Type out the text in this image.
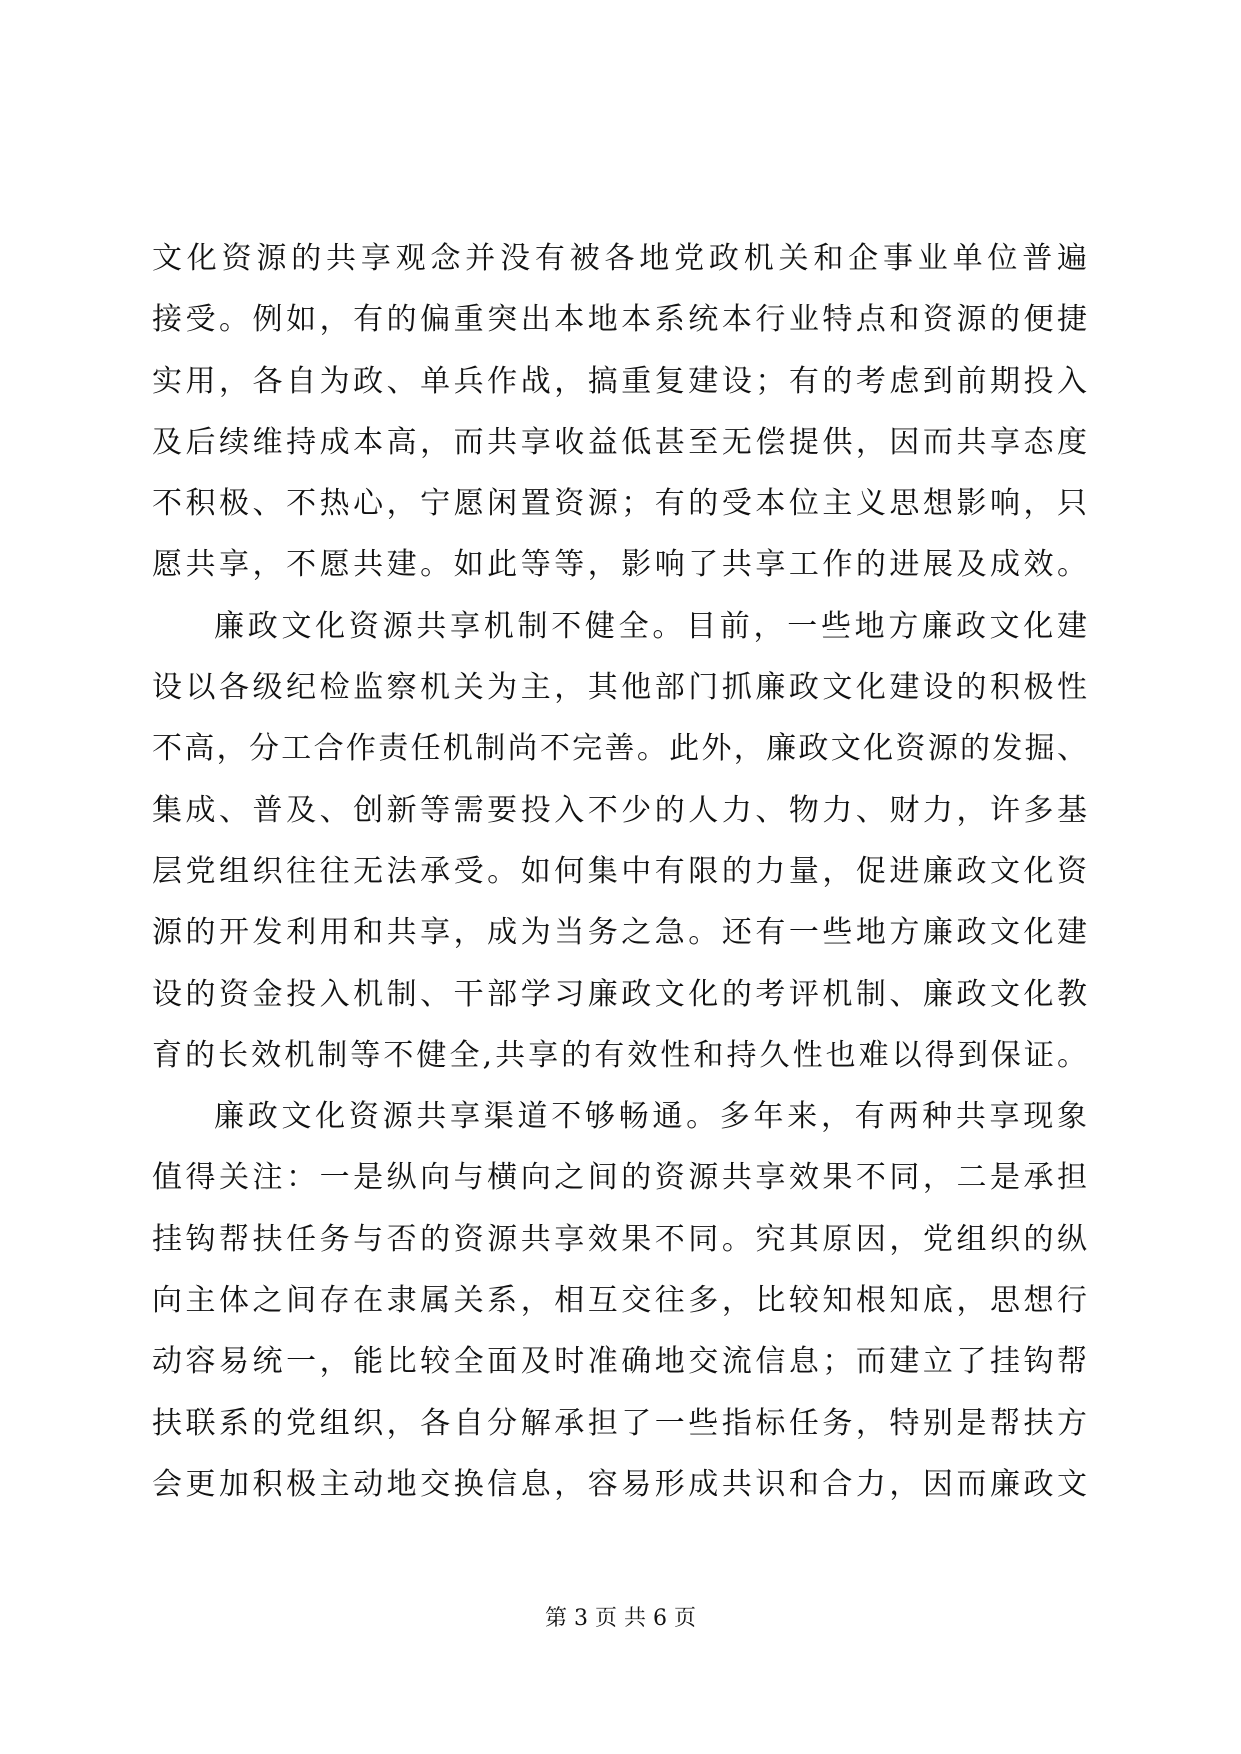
文化资源的共享观念并没有被各地党政机关和企事业单位普遍
接受。例如，有的偏重突出本地本系统本行业特点和资源的便捷
实用，各自为政、单兵作战，搞重复建设；有的考虑到前期投入
及后续维持成本高，而共享收益低甚至无偿提供，因而共享态度
不积极、不热心，宁愿闲置资源；有的受本位主义思想影响，只
愿共享，不愿共建。如此等等，影响了共享工作的进展及成效。
廉政文化资源共享机制不健全。目前，一些地方廉政文化建
设以各级纪检监察机关为主，其他部门抓廉政文化建设的积极性
不高，分工合作责任机制尚不完善。此外，廉政文化资源的发掘、
集成、普及、创新等需要投入不少的人力、物力、财力，许多基
层党组织往往无法承受。如何集中有限的力量，促进廉政文化资
源的开发利用和共享，成为当务之急。还有一些地方廉政文化建
设的资金投入机制、干部学习廉政文化的考评机制、廉政文化教
育的长效机制等不健全,共享的有效性和持久性也难以得到保证。
廉政文化资源共享渠道不够畅通。多年来，有两种共享现象
值得关注：一是纵向与横向之间的资源共享效果不同，二是承担
挂钩帮扶任务与否的资源共享效果不同。究其原因，党组织的纵
向主体之间存在隶属关系，相互交往多，比较知根知底，思想行
动容易统一，能比较全面及时准确地交流信息；而建立了挂钩帮
扶联系的党组织，各自分解承担了一些指标任务，特别是帮扶方
会更加积极主动地交换信息，容易形成共识和合力，因而廉政文
第 3 页 共 6 页
